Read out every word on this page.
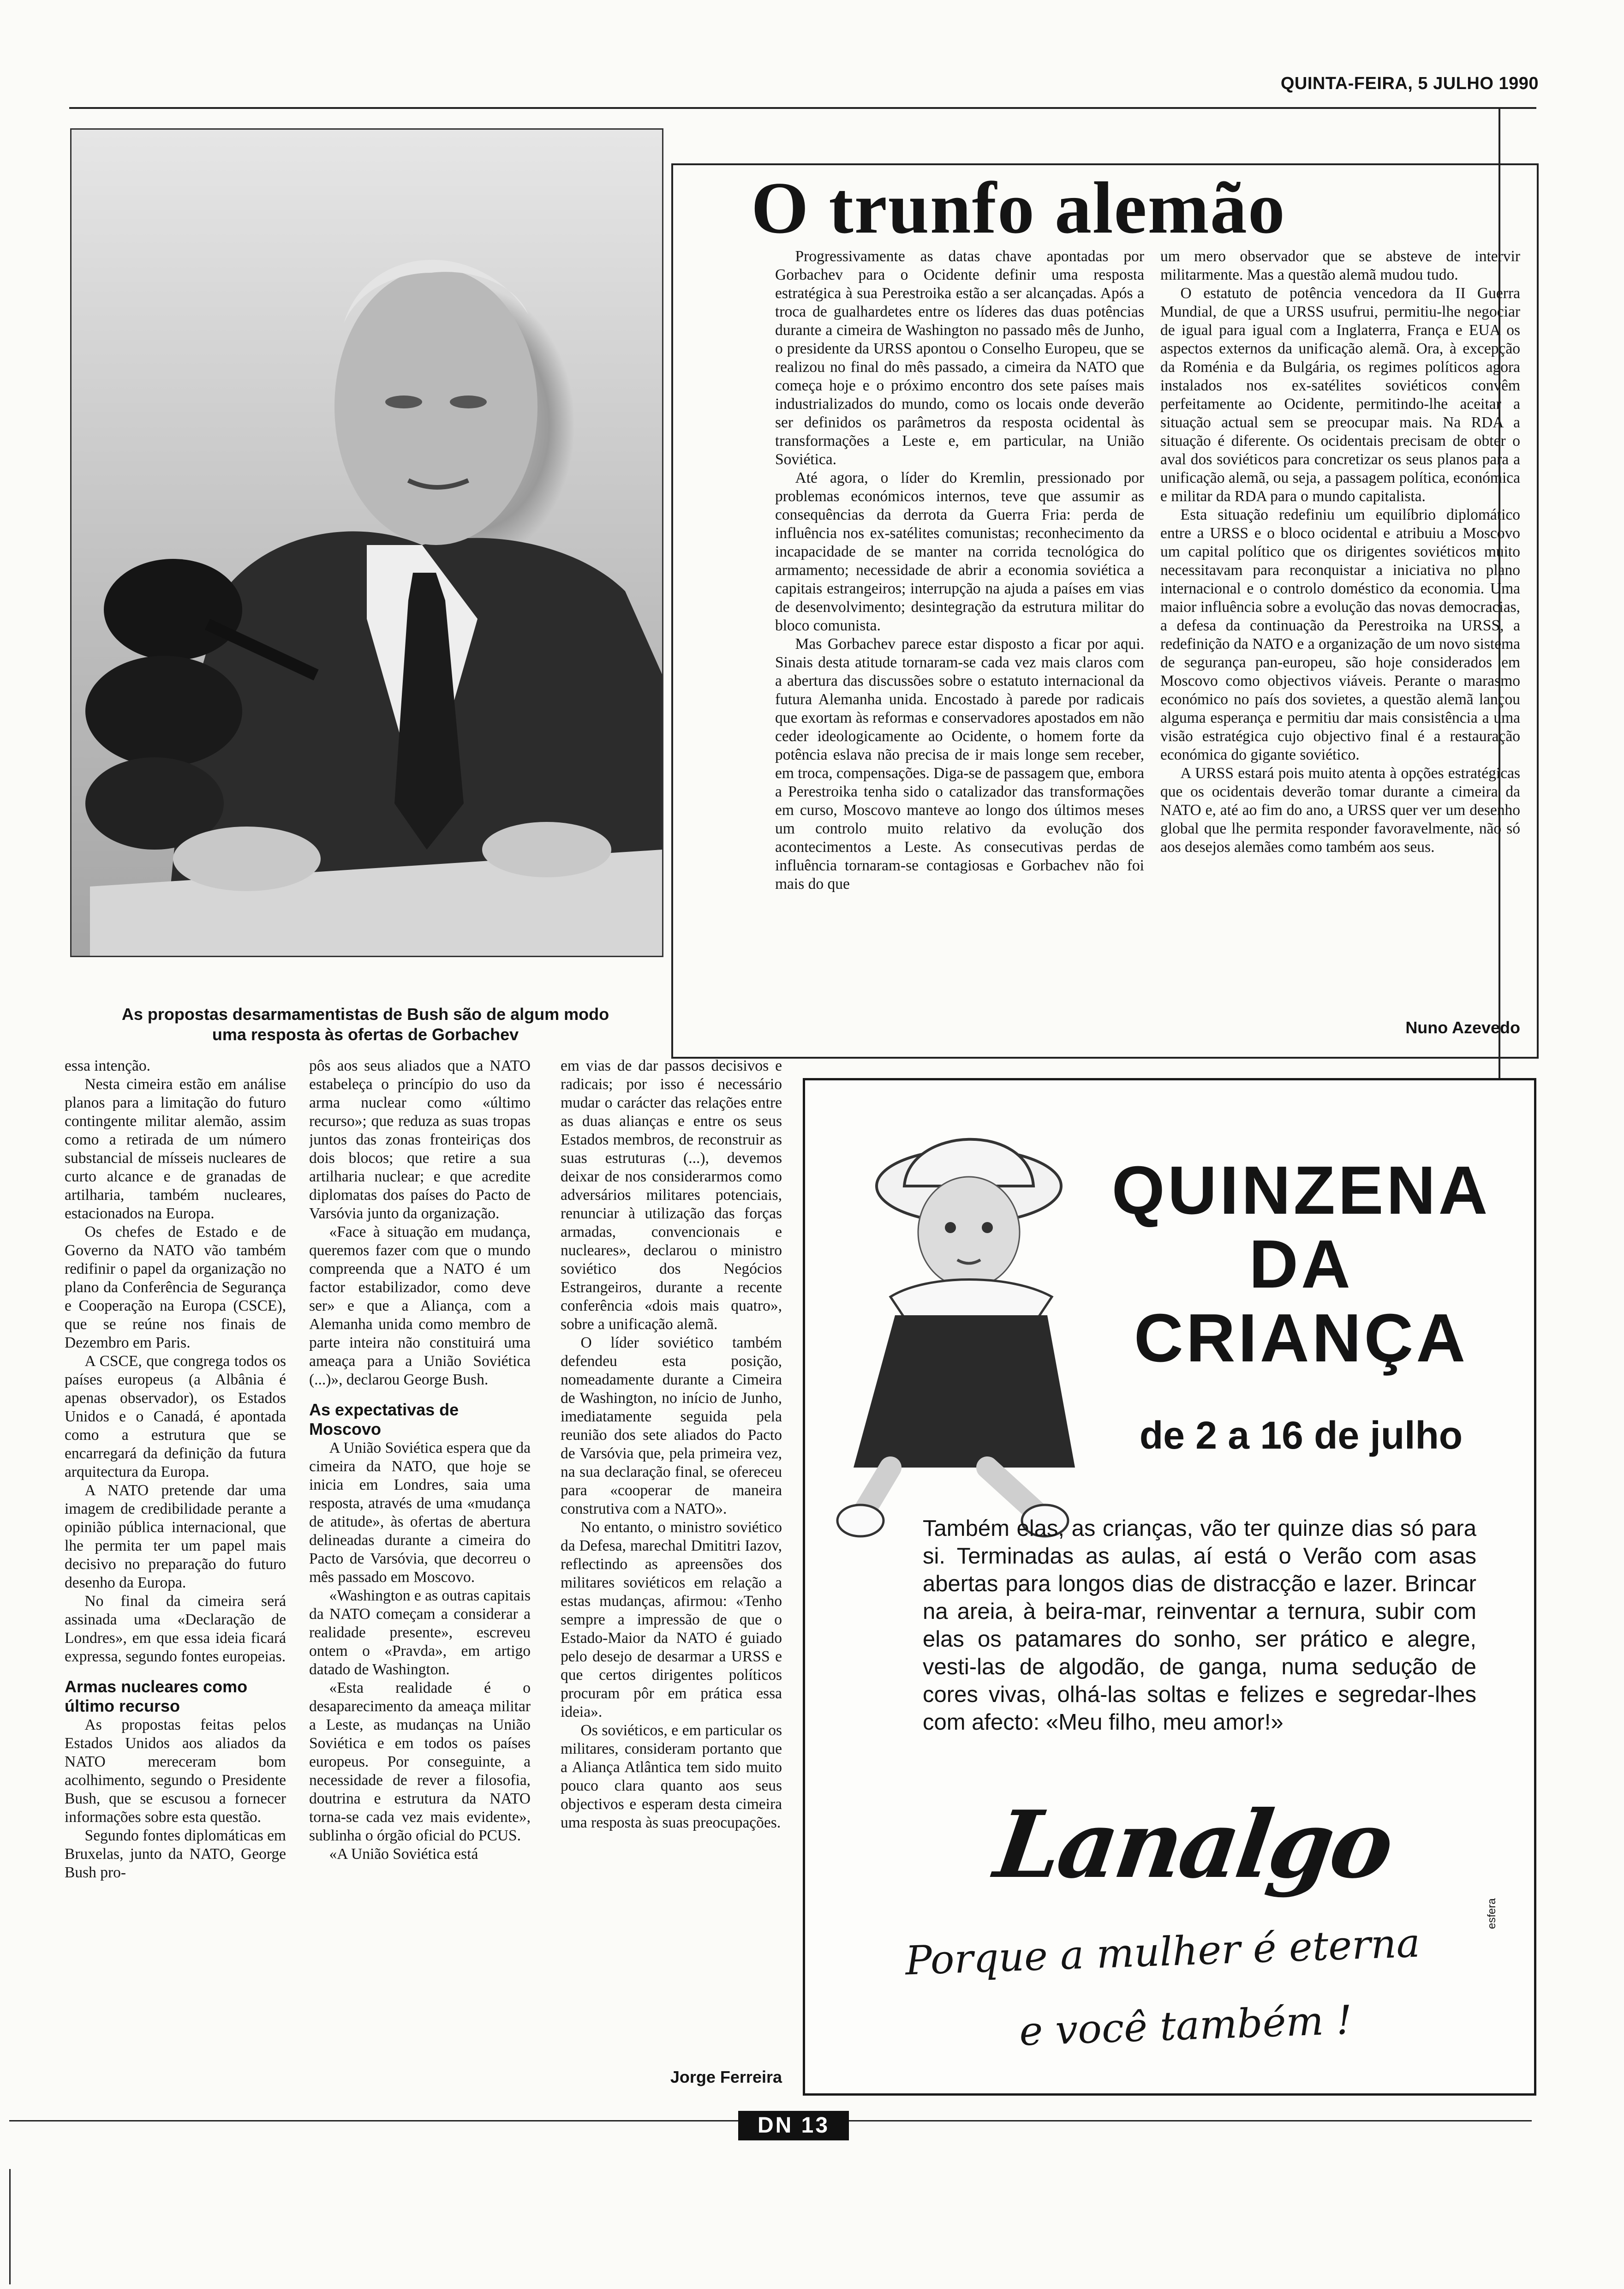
QUINTA-FEIRA, 5 JULHO 1990
As propostas desarmamentistas de Bush são de algum modo
uma resposta às ofertas de Gorbachev
O trunfo alemão

Progressivamente as datas chave apontadas por Gorbachev para o Ocidente definir uma resposta estratégica à sua Perestroika estão a ser alcançadas. Após a troca de gualhardetes entre os líderes das duas potências durante a cimeira de Washington no passado mês de Junho, o presidente da URSS apontou o Conselho Europeu, que se realizou no final do mês passado, a cimeira da NATO que começa hoje e o próximo encontro dos sete países mais industrializados do mundo, como os locais onde deverão ser definidos os parâmetros da resposta ocidental às transformações a Leste e, em particular, na União Soviética.

Até agora, o líder do Kremlin, pressionado por problemas económicos internos, teve que assumir as consequências da derrota da Guerra Fria: perda de influência nos ex-satélites comunistas; reconhecimento da incapacidade de se manter na corrida tecnológica do armamento; necessidade de abrir a economia soviética a capitais estrangeiros; interrupção na ajuda a países em vias de desenvolvimento; desintegração da estrutura militar do bloco comunista.

Mas Gorbachev parece estar disposto a ficar por aqui. Sinais desta atitude tornaram-se cada vez mais claros com a abertura das discussões sobre o estatuto internacional da futura Alemanha unida. Encostado à parede por radicais que exortam às reformas e conservadores apostados em não ceder ideologicamente ao Ocidente, o homem forte da potência eslava não precisa de ir mais longe sem receber, em troca, compensações. Diga-se de passagem que, embora a Perestroika tenha sido o catalizador das transformações em curso, Moscovo manteve ao longo dos últimos meses um controlo muito relativo da evolução dos acontecimentos a Leste. As consecutivas perdas de influência tornaram-se contagiosas e Gorbachev não foi mais do que

um mero observador que se absteve de intervir militarmente. Mas a questão alemã mudou tudo.

O estatuto de potência vencedora da II Guerra Mundial, de que a URSS usufrui, permitiu-lhe negociar de igual para igual com a Inglaterra, França e EUA os aspectos externos da unificação alemã. Ora, à excepção da Roménia e da Bulgária, os regimes políticos agora instalados nos ex-satélites soviéticos convêm perfeitamente ao Ocidente, permitindo-lhe aceitar a situação actual sem se preocupar mais. Na RDA a situação é diferente. Os ocidentais precisam de obter o aval dos soviéticos para concretizar os seus planos para a unificação alemã, ou seja, a passagem política, económica e militar da RDA para o mundo capitalista.

Esta situação redefiniu um equilíbrio diplomático entre a URSS e o bloco ocidental e atribuiu a Moscovo um capital político que os dirigentes soviéticos muito necessitavam para reconquistar a iniciativa no plano internacional e o controlo doméstico da economia. Uma maior influência sobre a evolução das novas democracias, a defesa da continuação da Perestroika na URSS, a redefinição da NATO e a organização de um novo sistema de segurança pan-europeu, são hoje considerados em Moscovo como objectivos viáveis. Perante o marasmo económico no país dos sovietes, a questão alemã lançou alguma esperança e permitiu dar mais consistência a uma visão estratégica cujo objectivo final é a restauração económica do gigante soviético.

A URSS estará pois muito atenta à opções estratégicas que os ocidentais deverão tomar durante a cimeira da NATO e, até ao fim do ano, a URSS quer ver um desenho global que lhe permita responder favoravelmente, não só aos desejos alemães como também aos seus.

Nuno Azevedo

essa intenção.

Nesta cimeira estão em análise planos para a limitação do futuro contingente militar alemão, assim como a retirada de um número substancial de mísseis nucleares de curto alcance e de granadas de artilharia, também nucleares, estacionados na Europa.

Os chefes de Estado e de Governo da NATO vão também redifinir o papel da organização no plano da Conferência de Segurança e Cooperação na Europa (CSCE), que se reúne nos finais de Dezembro em Paris.

A CSCE, que congrega todos os países europeus (a Albânia é apenas observador), os Estados Unidos e o Canadá, é apontada como a estrutura que se encarregará da definição da futura arquitectura da Europa.

A NATO pretende dar uma imagem de credibilidade perante a opinião pública internacional, que lhe permita ter um papel mais decisivo no preparação do futuro desenho da Europa.

No final da cimeira será assinada uma «Declaração de Londres», em que essa ideia ficará expressa, segundo fontes europeias.

Armas nucleares como último recurso

As propostas feitas pelos Estados Unidos aos aliados da NATO mereceram bom acolhimento, segundo o Presidente Bush, que se escusou a fornecer informações sobre esta questão.

Segundo fontes diplomáticas em Bruxelas, junto da NATO, George Bush pro-

pôs aos seus aliados que a NATO estabeleça o princípio do uso da arma nuclear como «último recurso»; que reduza as suas tropas juntos das zonas fronteiriças dos dois blocos; que retire a sua artilharia nuclear; e que acredite diplomatas dos países do Pacto de Varsóvia junto da organização.

«Face à situação em mudança, queremos fazer com que o mundo compreenda que a NATO é um factor estabilizador, como deve ser» e que a Aliança, com a Alemanha unida como membro de parte inteira não constituirá uma ameaça para a União Soviética (...)», declarou George Bush.

As expectativas de Moscovo

A União Soviética espera que da cimeira da NATO, que hoje se inicia em Londres, saia uma resposta, através de uma «mudança de atitude», às ofertas de abertura delineadas durante a cimeira do Pacto de Varsóvia, que decorreu o mês passado em Moscovo.

«Washington e as outras capitais da NATO começam a considerar a realidade presente», escreveu ontem o «Pravda», em artigo datado de Washington.

«Esta realidade é o desaparecimento da ameaça militar a Leste, as mudanças na União Soviética e em todos os países europeus. Por conseguinte, a necessidade de rever a filosofia, doutrina e estrutura da NATO torna-se cada vez mais evidente», sublinha o órgão oficial do PCUS.

«A União Soviética está

em vias de dar passos decisivos e radicais; por isso é necessário mudar o carácter das relações entre as duas alianças e entre os seus Estados membros, de reconstruir as suas estruturas (...), devemos deixar de nos considerarmos como adversários militares potenciais, renunciar à utilização das forças armadas, convencionais e nucleares», declarou o ministro soviético dos Negócios Estrangeiros, durante a recente conferência «dois mais quatro», sobre a unificação alemã.

O líder soviético também defendeu esta posição, nomeadamente durante a Cimeira de Washington, no início de Junho, imediatamente seguida pela reunião dos sete aliados do Pacto de Varsóvia que, pela primeira vez, na sua declaração final, se ofereceu para «cooperar de maneira construtiva com a NATO».

No entanto, o ministro soviético da Defesa, marechal Dmititri Iazov, reflectindo as apreensões dos militares soviéticos em relação a estas mudanças, afirmou: «Tenho sempre a impressão de que o Estado-Maior da NATO é guiado pelo desejo de desarmar a URSS e que certos dirigentes políticos procuram pôr em prática essa ideia».

Os soviéticos, e em particular os militares, consideram portanto que a Aliança Atlântica tem sido muito pouco clara quanto aos seus objectivos e esperam desta cimeira uma resposta às suas preocupações.

Jorge Ferreira
QUINZENA
DA
CRIANÇA
de 2 a 16 de julho
Também elas, as crianças, vão ter quinze dias só para si. Terminadas as aulas, aí está o Verão com asas abertas para longos dias de distracção e lazer. Brincar na areia, à beira-mar, reinventar a ternura, subir com elas os patamares do sonho, ser prático e alegre, vesti-las de algodão, de ganga, numa sedução de cores vivas, olhá-las soltas e felizes e segredar-lhes com afecto: «Meu filho, meu amor!»
Lanalgo
Porque a mulher é eterna
e você também !
esfera
DN 13
